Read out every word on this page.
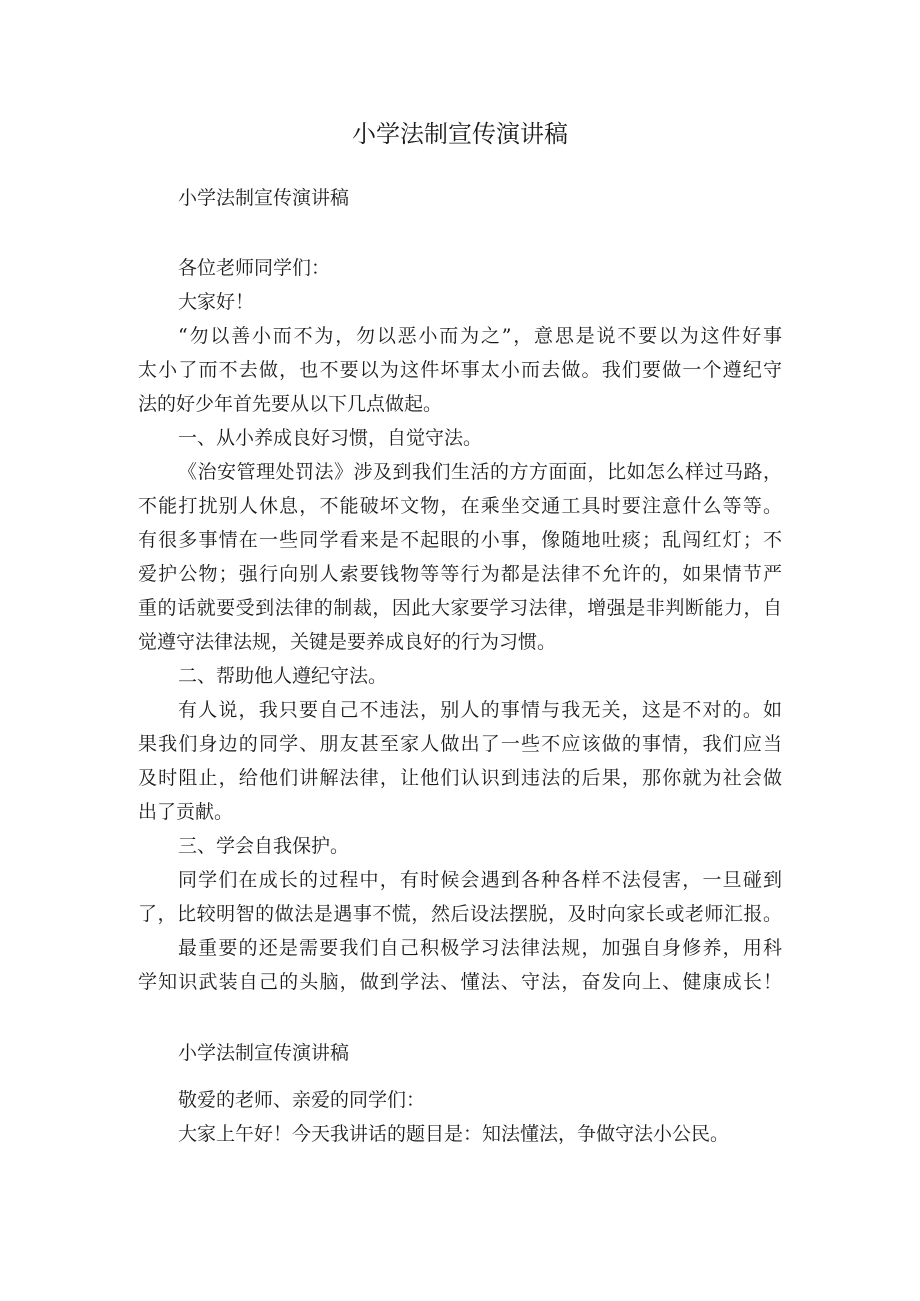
小学法制宣传演讲稿
小学法制宣传演讲稿
各位老师同学们：
大家好！
“勿以善小而不为，勿以恶小而为之”，意思是说不要以为这件好事
太小了而不去做，也不要以为这件坏事太小而去做。我们要做一个遵纪守
法的好少年首先要从以下几点做起。
一、从小养成良好习惯，自觉守法。
《治安管理处罚法》涉及到我们生活的方方面面，比如怎么样过马路，
不能打扰别人休息，不能破坏文物，在乘坐交通工具时要注意什么等等。
有很多事情在一些同学看来是不起眼的小事，像随地吐痰；乱闯红灯；不
爱护公物；强行向别人索要钱物等等行为都是法律不允许的，如果情节严
重的话就要受到法律的制裁，因此大家要学习法律，增强是非判断能力，自
觉遵守法律法规，关键是要养成良好的行为习惯。
二、帮助他人遵纪守法。
有人说，我只要自己不违法，别人的事情与我无关，这是不对的。如
果我们身边的同学、朋友甚至家人做出了一些不应该做的事情，我们应当
及时阻止，给他们讲解法律，让他们认识到违法的后果，那你就为社会做
出了贡献。
三、学会自我保护。
同学们在成长的过程中，有时候会遇到各种各样不法侵害，一旦碰到
了，比较明智的做法是遇事不慌，然后设法摆脱，及时向家长或老师汇报。
最重要的还是需要我们自己积极学习法律法规，加强自身修养，用科
学知识武装自己的头脑，做到学法、懂法、守法，奋发向上、健康成长！
小学法制宣传演讲稿
敬爱的老师、亲爱的同学们：
大家上午好！今天我讲话的题目是：知法懂法，争做守法小公民。
